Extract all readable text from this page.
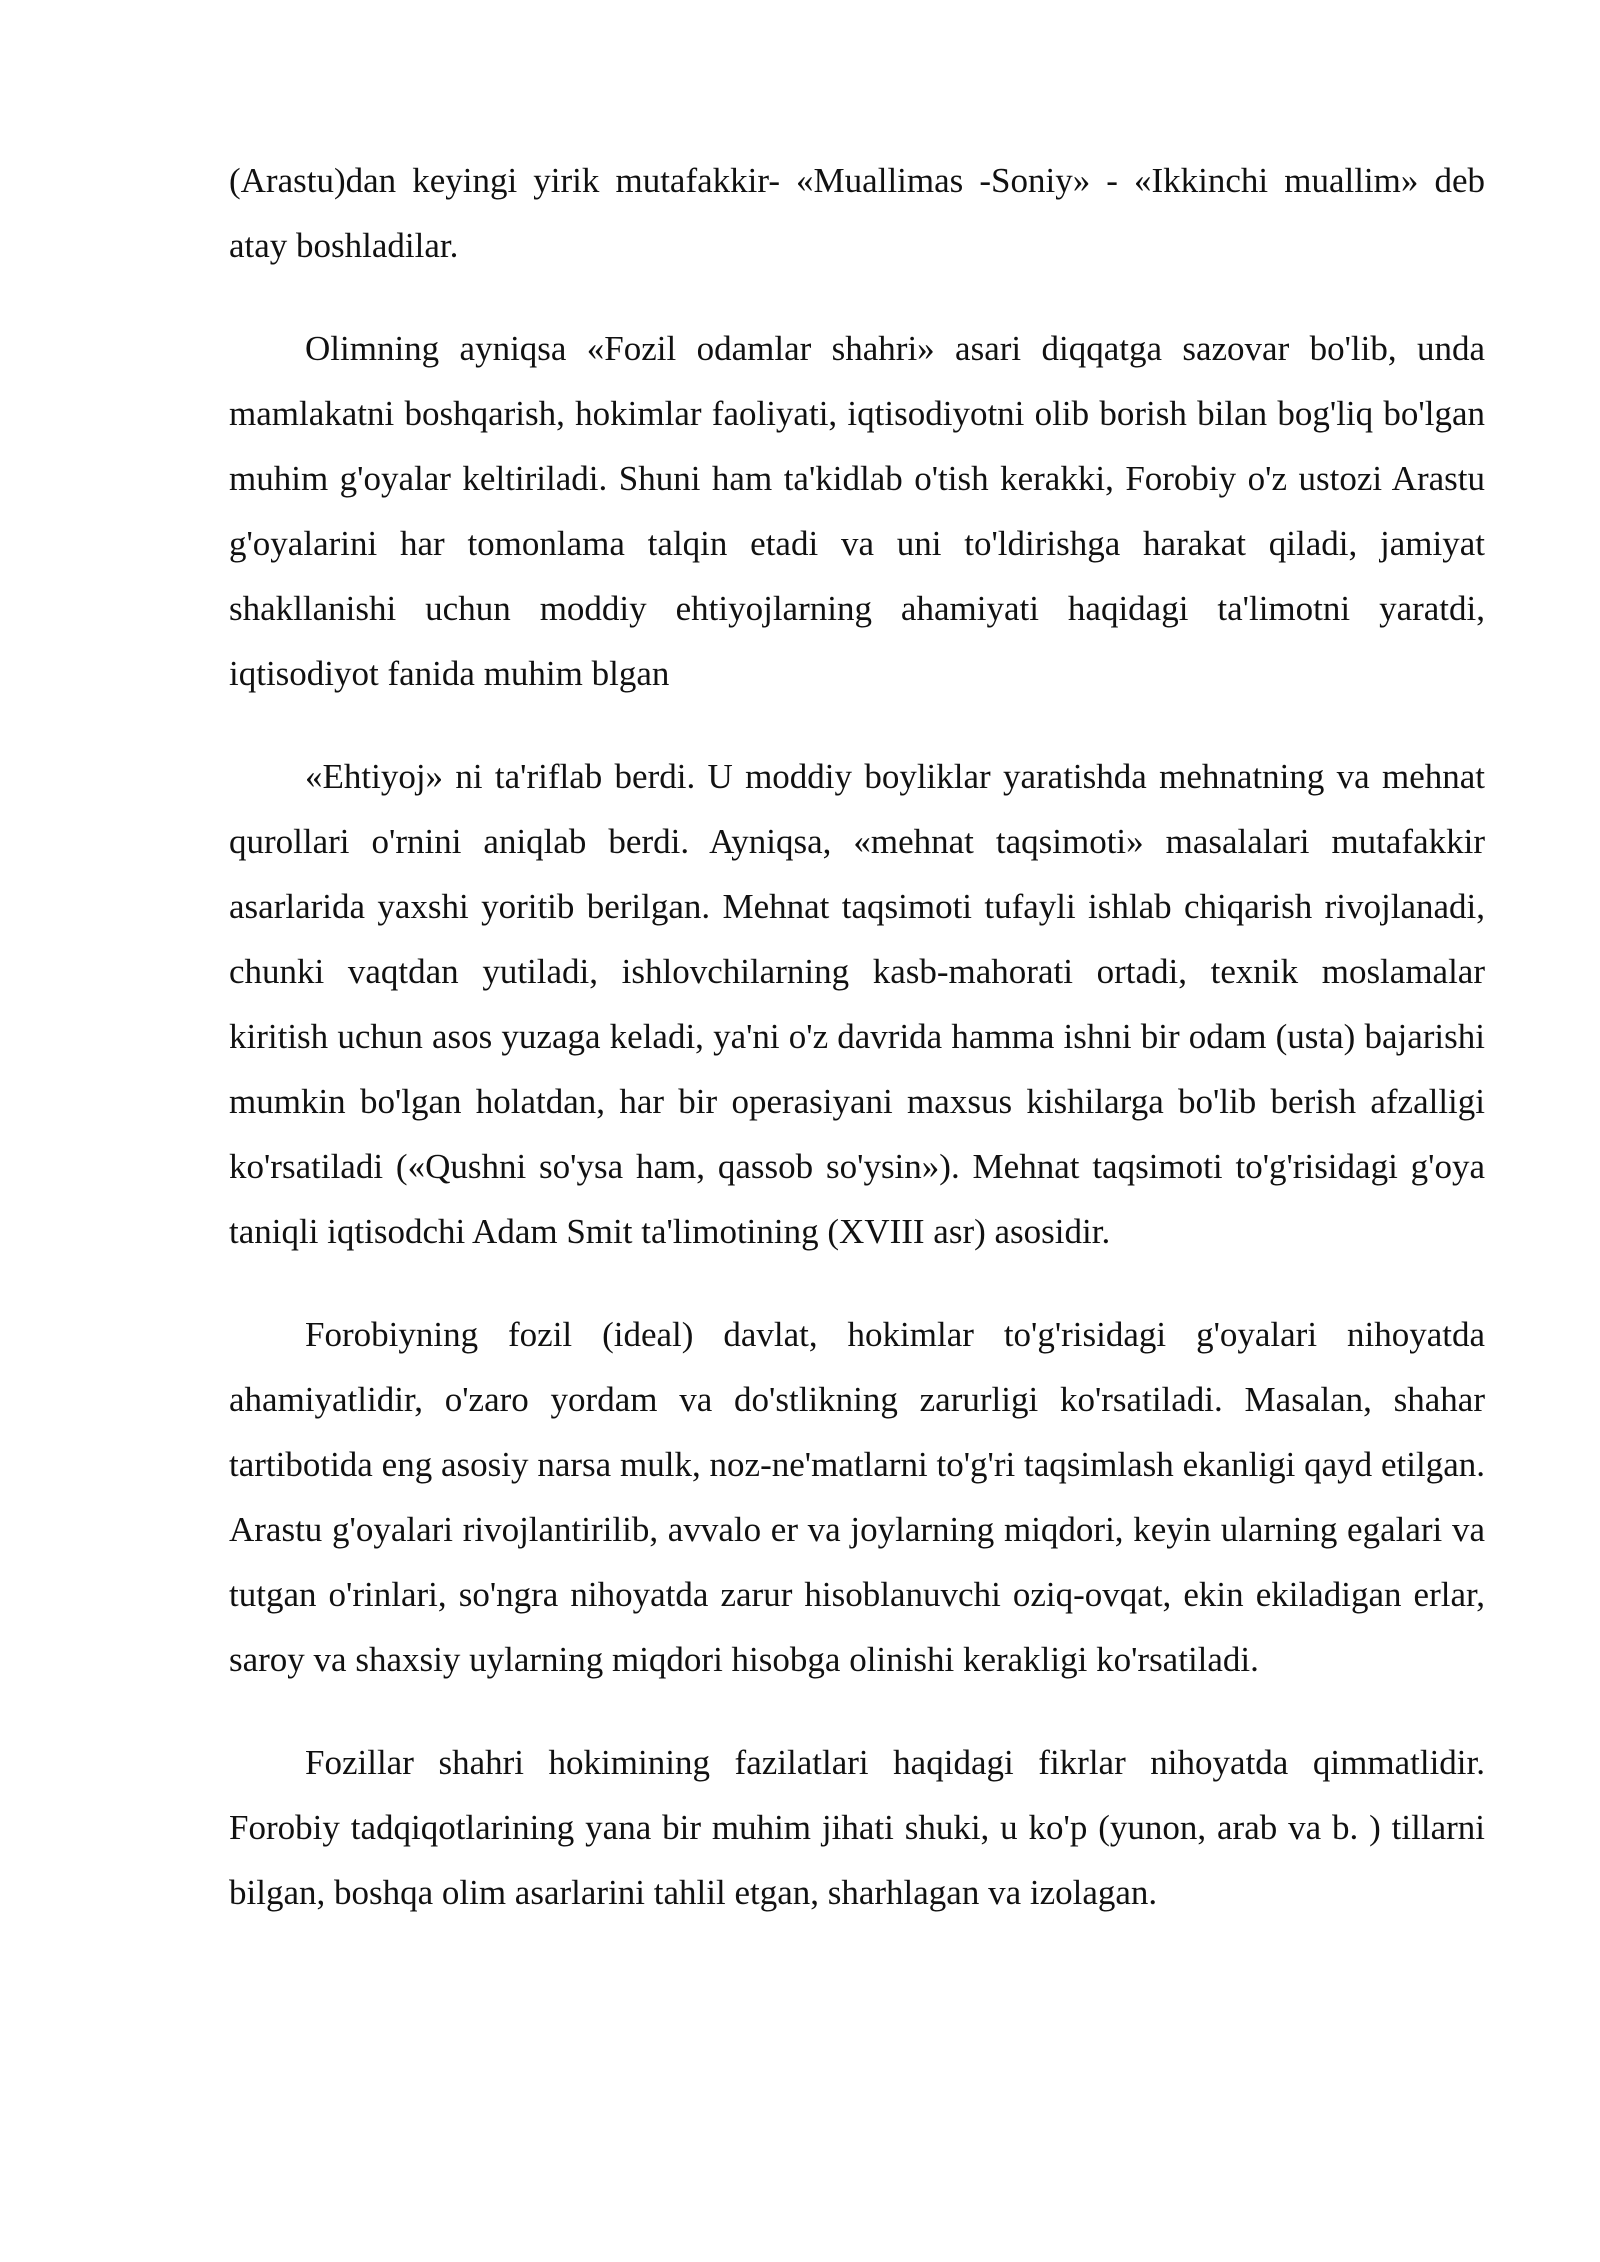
(Arastu)dan keyingi yirik mutafakkir- «Muallimas -Soniy» - «Ikkinchi muallim» deb atay boshladilar.

Olimning ayniqsa «Fozil odamlar shahri» asari diqqatga sazovar bo'lib, unda mamlakatni boshqarish, hokimlar faoliyati, iqtisodiyotni olib borish bilan bog'liq bo'lgan muhim g'oyalar keltiriladi. Shuni ham ta'kidlab o'tish kerakki, Forobiy o'z ustozi Arastu g'oyalarini har tomonlama talqin etadi va uni to'ldirishga harakat qiladi, jamiyat shakllanishi uchun moddiy ehtiyojlarning ahamiyati haqidagi ta'limotni yaratdi, iqtisodiyot fanida muhim blgan

«Ehtiyoj» ni ta'riflab berdi. U moddiy boyliklar yaratishda mehnatning va mehnat qurollari o'rnini aniqlab berdi. Ayniqsa, «mehnat taqsimoti» masalalari mutafakkir asarlarida yaxshi yoritib berilgan. Mehnat taqsimoti tufayli ishlab chiqarish rivojlanadi, chunki vaqtdan yutiladi, ishlovchilarning kasb-mahorati ortadi, texnik moslamalar kiritish uchun asos yuzaga keladi, ya'ni o'z davrida hamma ishni bir odam (usta) bajarishi mumkin bo'lgan holatdan, har bir operasiyani maxsus kishilarga bo'lib berish afzalligi ko'rsatiladi («Qushni so'ysa ham, qassob so'ysin»). Mehnat taqsimoti to'g'risidagi g'oya taniqli iqtisodchi Adam Smit ta'limotining (XVIII asr) asosidir.

Forobiyning fozil (ideal) davlat, hokimlar to'g'risidagi g'oyalari nihoyatda ahamiyatlidir, o'zaro yordam va do'stlikning zarurligi ko'rsatiladi. Masalan, shahar tartibotida eng asosiy narsa mulk, noz-ne'matlarni to'g'ri taqsimlash ekanligi qayd etilgan. Arastu g'oyalari rivojlantirilib, avvalo er va joylarning miqdori, keyin ularning egalari va tutgan o'rinlari, so'ngra nihoyatda zarur hisoblanuvchi oziq-ovqat, ekin ekiladigan erlar, saroy va shaxsiy uylarning miqdori hisobga olinishi kerakligi ko'rsatiladi.

Fozillar shahri hokimining fazilatlari haqidagi fikrlar nihoyatda qimmatlidir. Forobiy tadqiqotlarining yana bir muhim jihati shuki, u ko'p (yunon, arab va b. ) tillarni bilgan, boshqa olim asarlarini tahlil etgan, sharhlagan va izolagan.
